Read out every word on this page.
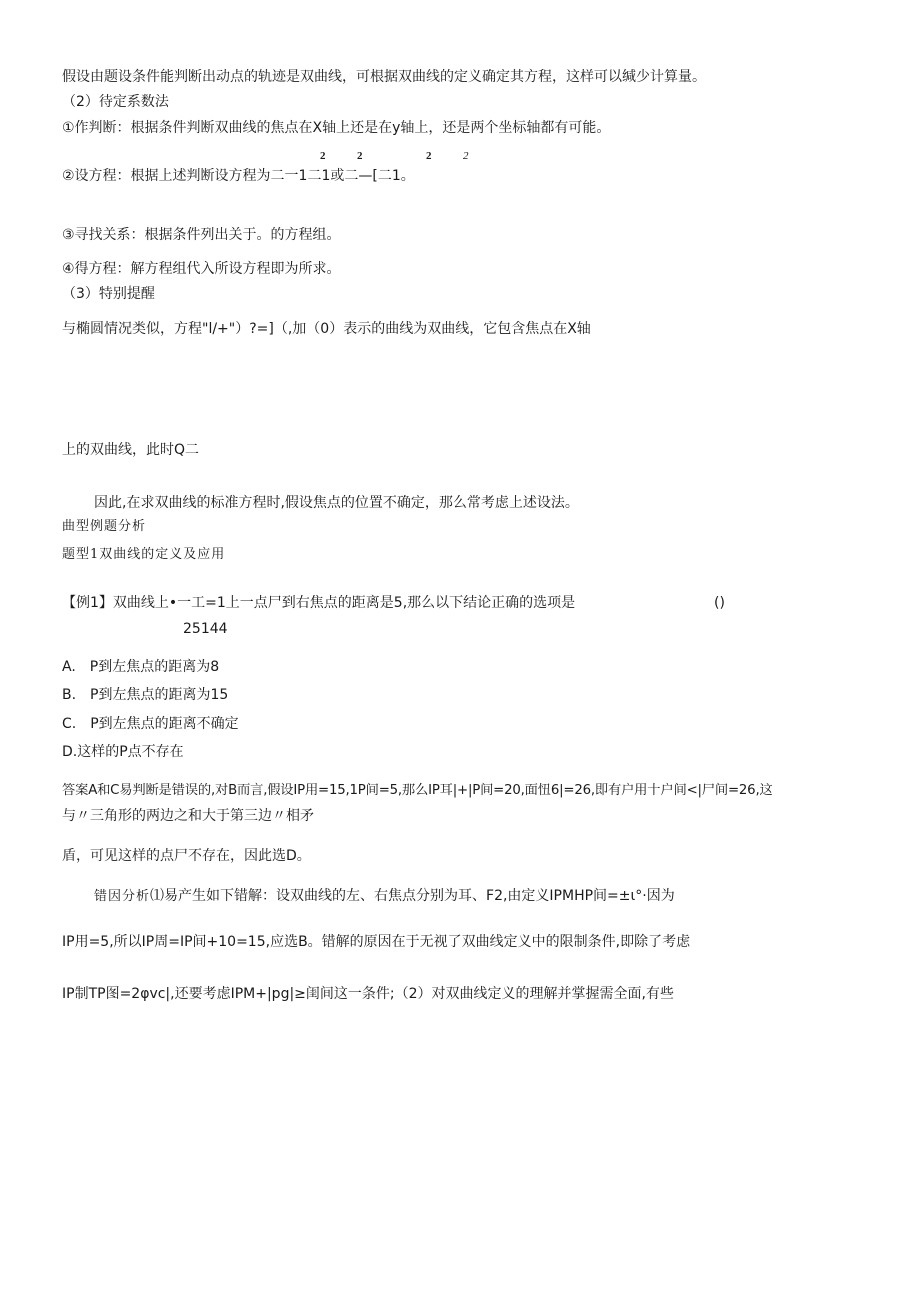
假设由题设条件能判断出动点的轨迹是双曲线，可根据双曲线的定义确定其方程，这样可以缄少计算量。
（2）待定系数法
①作判断：根据条件判断双曲线的焦点在X轴上还是在y轴上，还是两个坐标轴都有可能。
2	2	2	2
②设方程：根据上述判断设方程为二一1二1或二—[二1。
③寻找关系：根据条件列出关于。的方程组。
④得方程：解方程组代入所设方程即为所求。
（3）特别提醒
与椭圆情况类似，方程"l/+"）?=]（,加（0）表示的曲线为双曲线，它包含焦点在X轴
上的双曲线，此时Q二
因此,在求双曲线的标准方程时,假设焦点的位置不确定，那么常考虑上述设法。
曲型例题分析
题型1双曲线的定义及应用
【例1】双曲线上•一工=1上一点尸到右焦点的距离是5,那么以下结论正确的选项是	()
25144
A.　P到左焦点的距离为8
B.　P到左焦点的距离为15
C.　P到左焦点的距离不确定
D.这样的P点不存在
答案A和C易判断是错误的,对B而言,假设IP用=15,1P间=5,那么IP耳|+|P间=20,面忸6|=26,即有户用十户间<|尸间=26,这
与〃三角形的两边之和大于第三边〃相矛
盾，可见这样的点尸不存在，因此选D。
错因分析⑴易产生如下错解：设双曲线的左、右焦点分别为耳、F2,由定义IPMHP间=±ι°·因为
IP用=5,所以IP周=IP间+10=15,应选B。错解的原因在于无视了双曲线定义中的限制条件,即除了考虑
IP制TP图=2φvc|,还要考虑IPM+|pg|≥闺间这一条件;（2）对双曲线定义的理解并掌握需全面,有些
